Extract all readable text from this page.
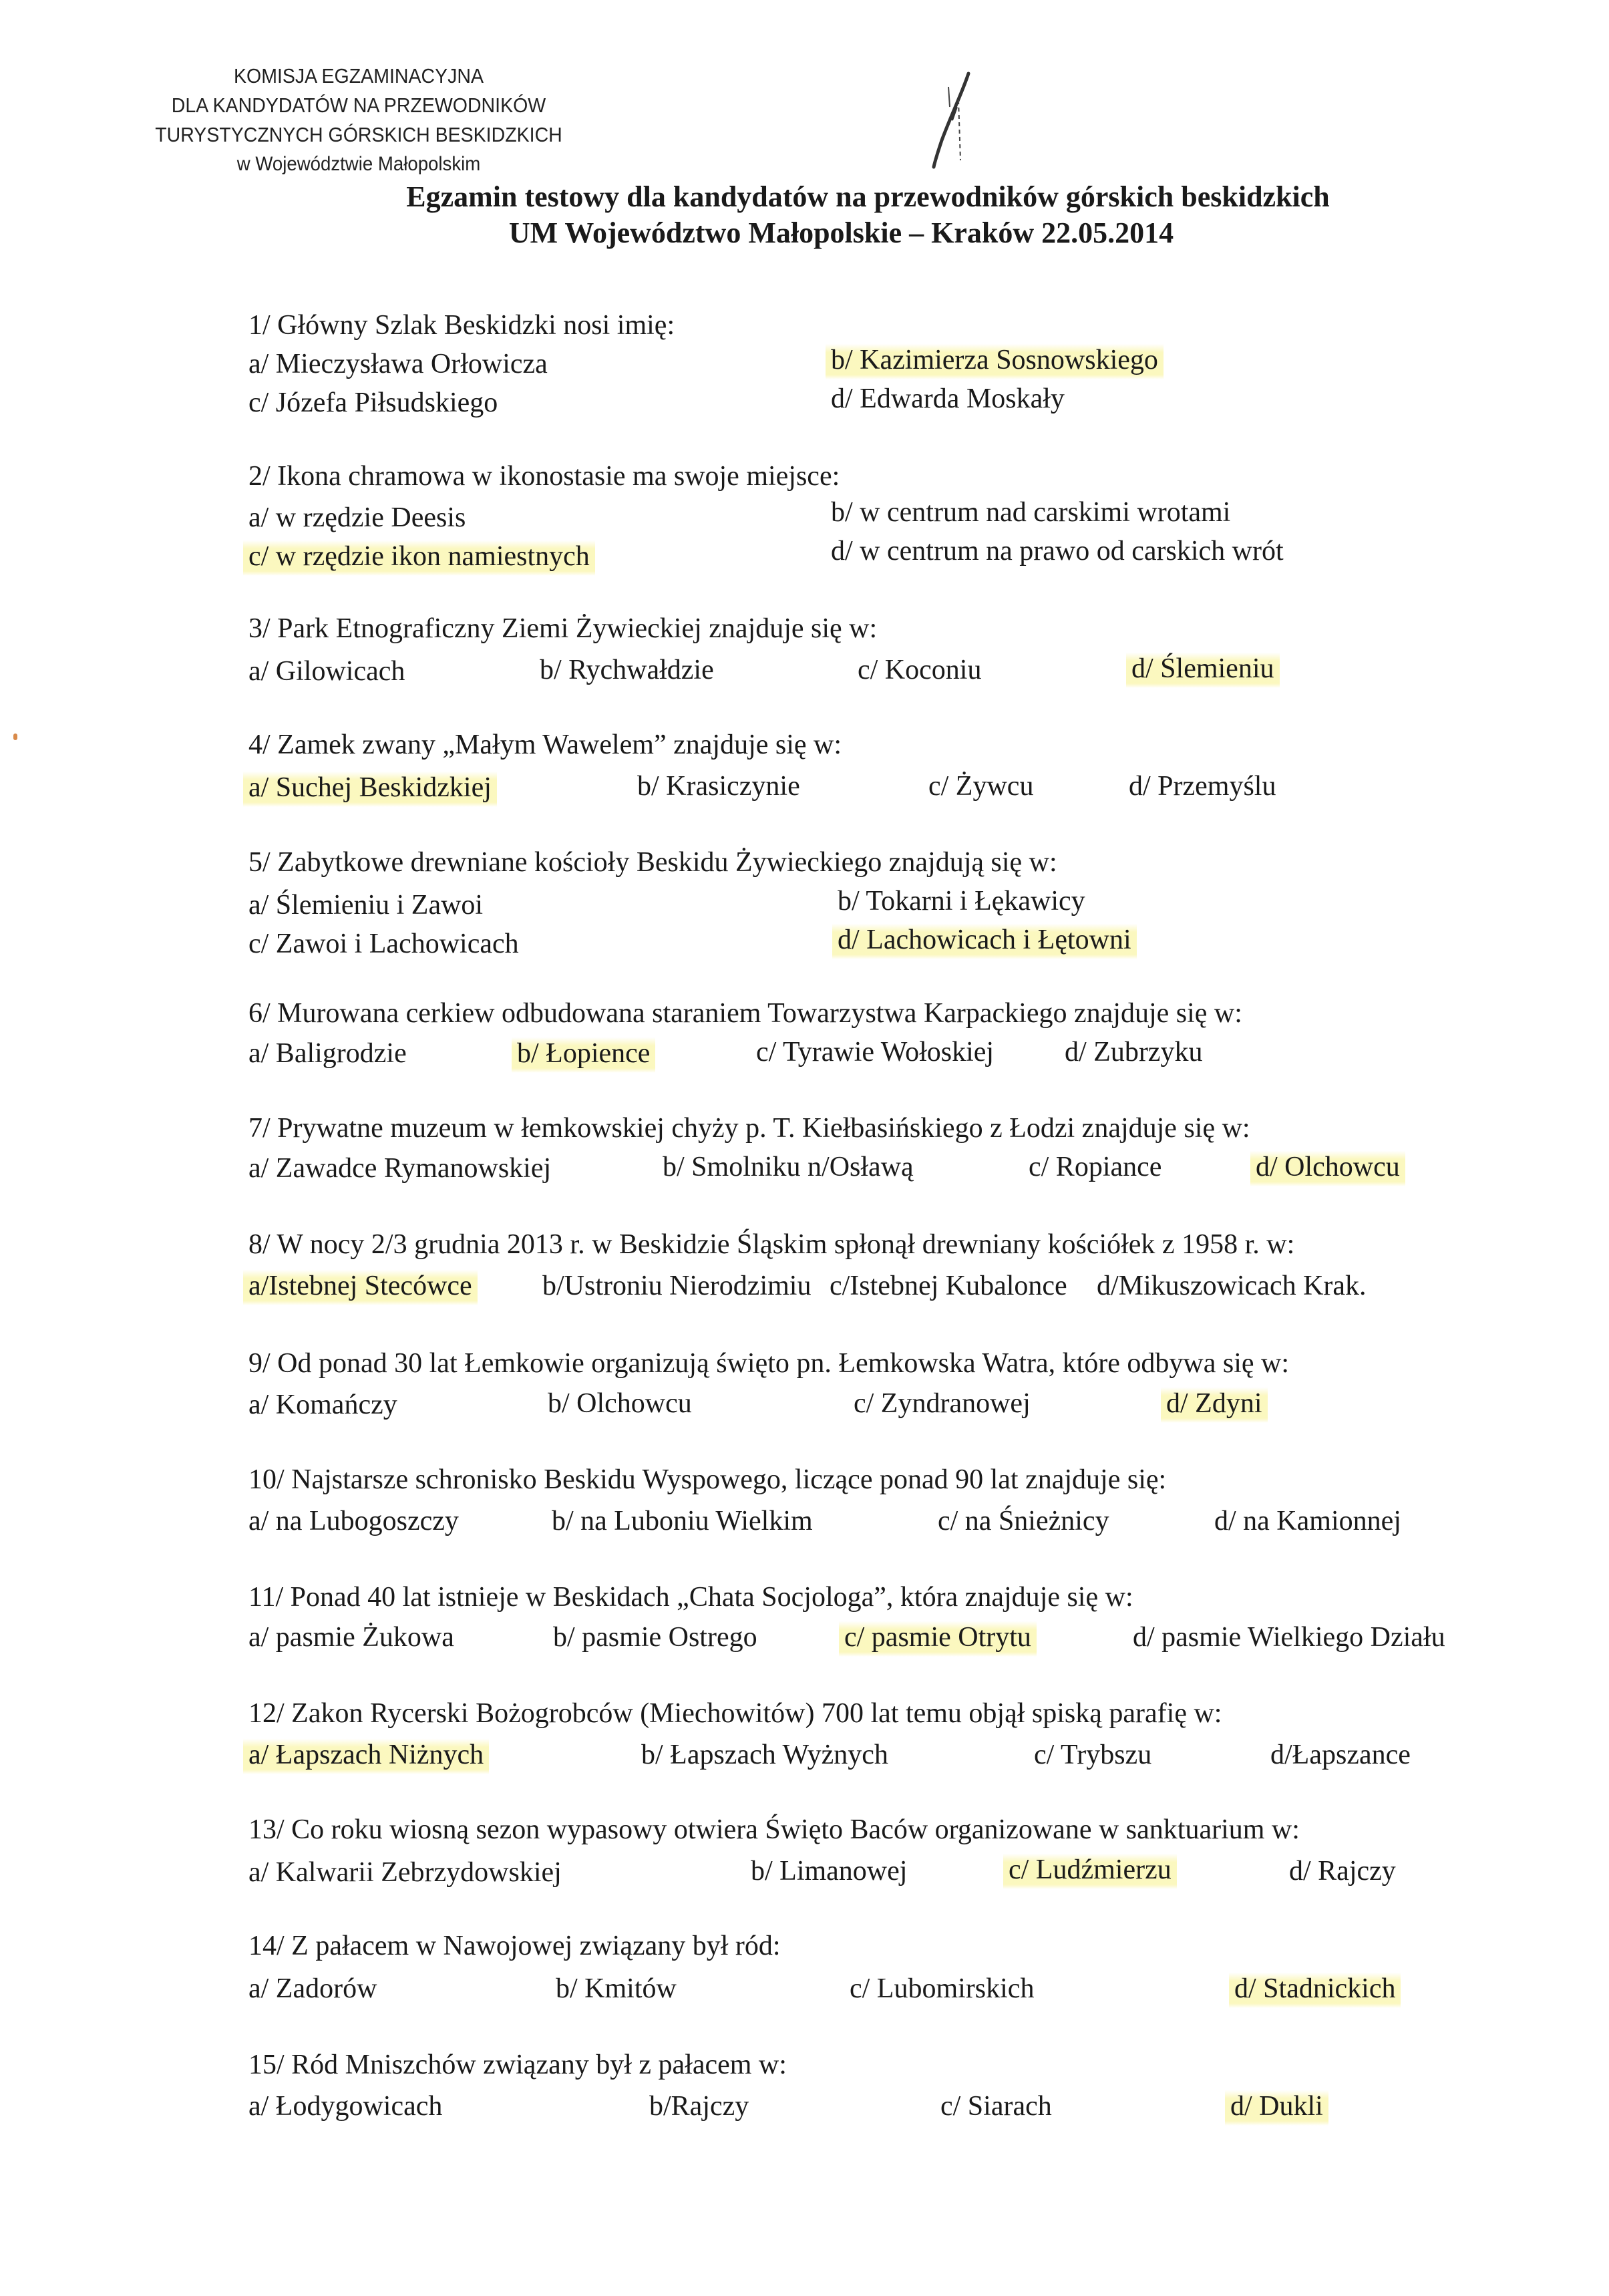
KOMISJA EGZAMINACYJNA
DLA KANDYDATÓW NA PRZEWODNIKÓW
TURYSTYCZNYCH GÓRSKICH BESKIDZKICH
w Województwie Małopolskim
Egzamin testowy dla kandydatów na przewodników górskich beskidzkich
UM Województwo Małopolskie – Kraków 22.05.2014
1/ Główny Szlak Beskidzki nosi imię:
a/ Mieczysława Orłowicza	b/ Kazimierza Sosnowskiego
c/ Józefa Piłsudskiego	d/ Edwarda Moskały
2/ Ikona chramowa w ikonostasie ma swoje miejsce:
a/ w rzędzie Deesis	b/ w centrum nad carskimi wrotami
c/ w rzędzie ikon namiestnych	d/ w centrum na prawo od carskich wrót
3/ Park Etnograficzny Ziemi Żywieckiej znajduje się w:
a/ Gilowicach	b/ Rychwałdzie	c/ Koconiu	d/ Ślemieniu
4/ Zamek zwany „Małym Wawelem” znajduje się w:
a/ Suchej Beskidzkiej	b/ Krasiczynie	c/ Żywcu	d/ Przemyślu
5/ Zabytkowe drewniane kościoły Beskidu Żywieckiego znajdują się w:
a/ Ślemieniu i Zawoi	b/ Tokarni i Łękawicy
c/ Zawoi i Lachowicach	d/ Lachowicach i Łętowni
6/ Murowana cerkiew odbudowana staraniem Towarzystwa Karpackiego znajduje się w:
a/ Baligrodzie	b/ Łopience	c/ Tyrawie Wołoskiej	d/ Zubrzyku
7/ Prywatne muzeum w łemkowskiej chyży p. T. Kiełbasińskiego z Łodzi znajduje się w:
a/ Zawadce Rymanowskiej	b/ Smolniku n/Osławą	c/ Ropiance	d/ Olchowcu
8/ W nocy 2/3 grudnia 2013 r. w Beskidzie Śląskim spłonął drewniany kościółek z 1958 r. w:
a/Istebnej Stecówce	b/Ustroniu Nierodzimiu c/Istebnej Kubalonce d/Mikuszowicach Krak.
9/ Od ponad 30 lat Łemkowie organizują święto pn. Łemkowska Watra, które odbywa się w:
a/ Komańczy	b/ Olchowcu	c/ Zyndranowej	d/ Zdyni
10/ Najstarsze schronisko Beskidu Wyspowego, liczące ponad 90 lat znajduje się:
a/ na Lubogoszczy	b/ na Luboniu Wielkim	c/ na Śnieżnicy	d/ na Kamionnej
11/ Ponad 40 lat istnieje w Beskidach „Chata Socjologa”, która znajduje się w:
a/ pasmie Żukowa	b/ pasmie Ostrego	c/ pasmie Otrytu	d/ pasmie Wielkiego Działu
12/ Zakon Rycerski Bożogrobców (Miechowitów) 700 lat temu objął spiską parafię w:
a/ Łapszach Niżnych	b/ Łapszach Wyżnych	c/ Trybszu	d/Łapszance
13/ Co roku wiosną sezon wypasowy otwiera Święto Baców organizowane w sanktuarium w:
a/ Kalwarii Zebrzydowskiej	b/ Limanowej	c/ Ludźmierzu	d/ Rajczy
14/ Z pałacem w Nawojowej związany był ród:
a/ Zadorów	b/ Kmitów	c/ Lubomirskich	d/ Stadnickich
15/ Ród Mniszchów związany był z pałacem w:
a/ Łodygowicach	b/Rajczy	c/ Siarach	d/ Dukli
